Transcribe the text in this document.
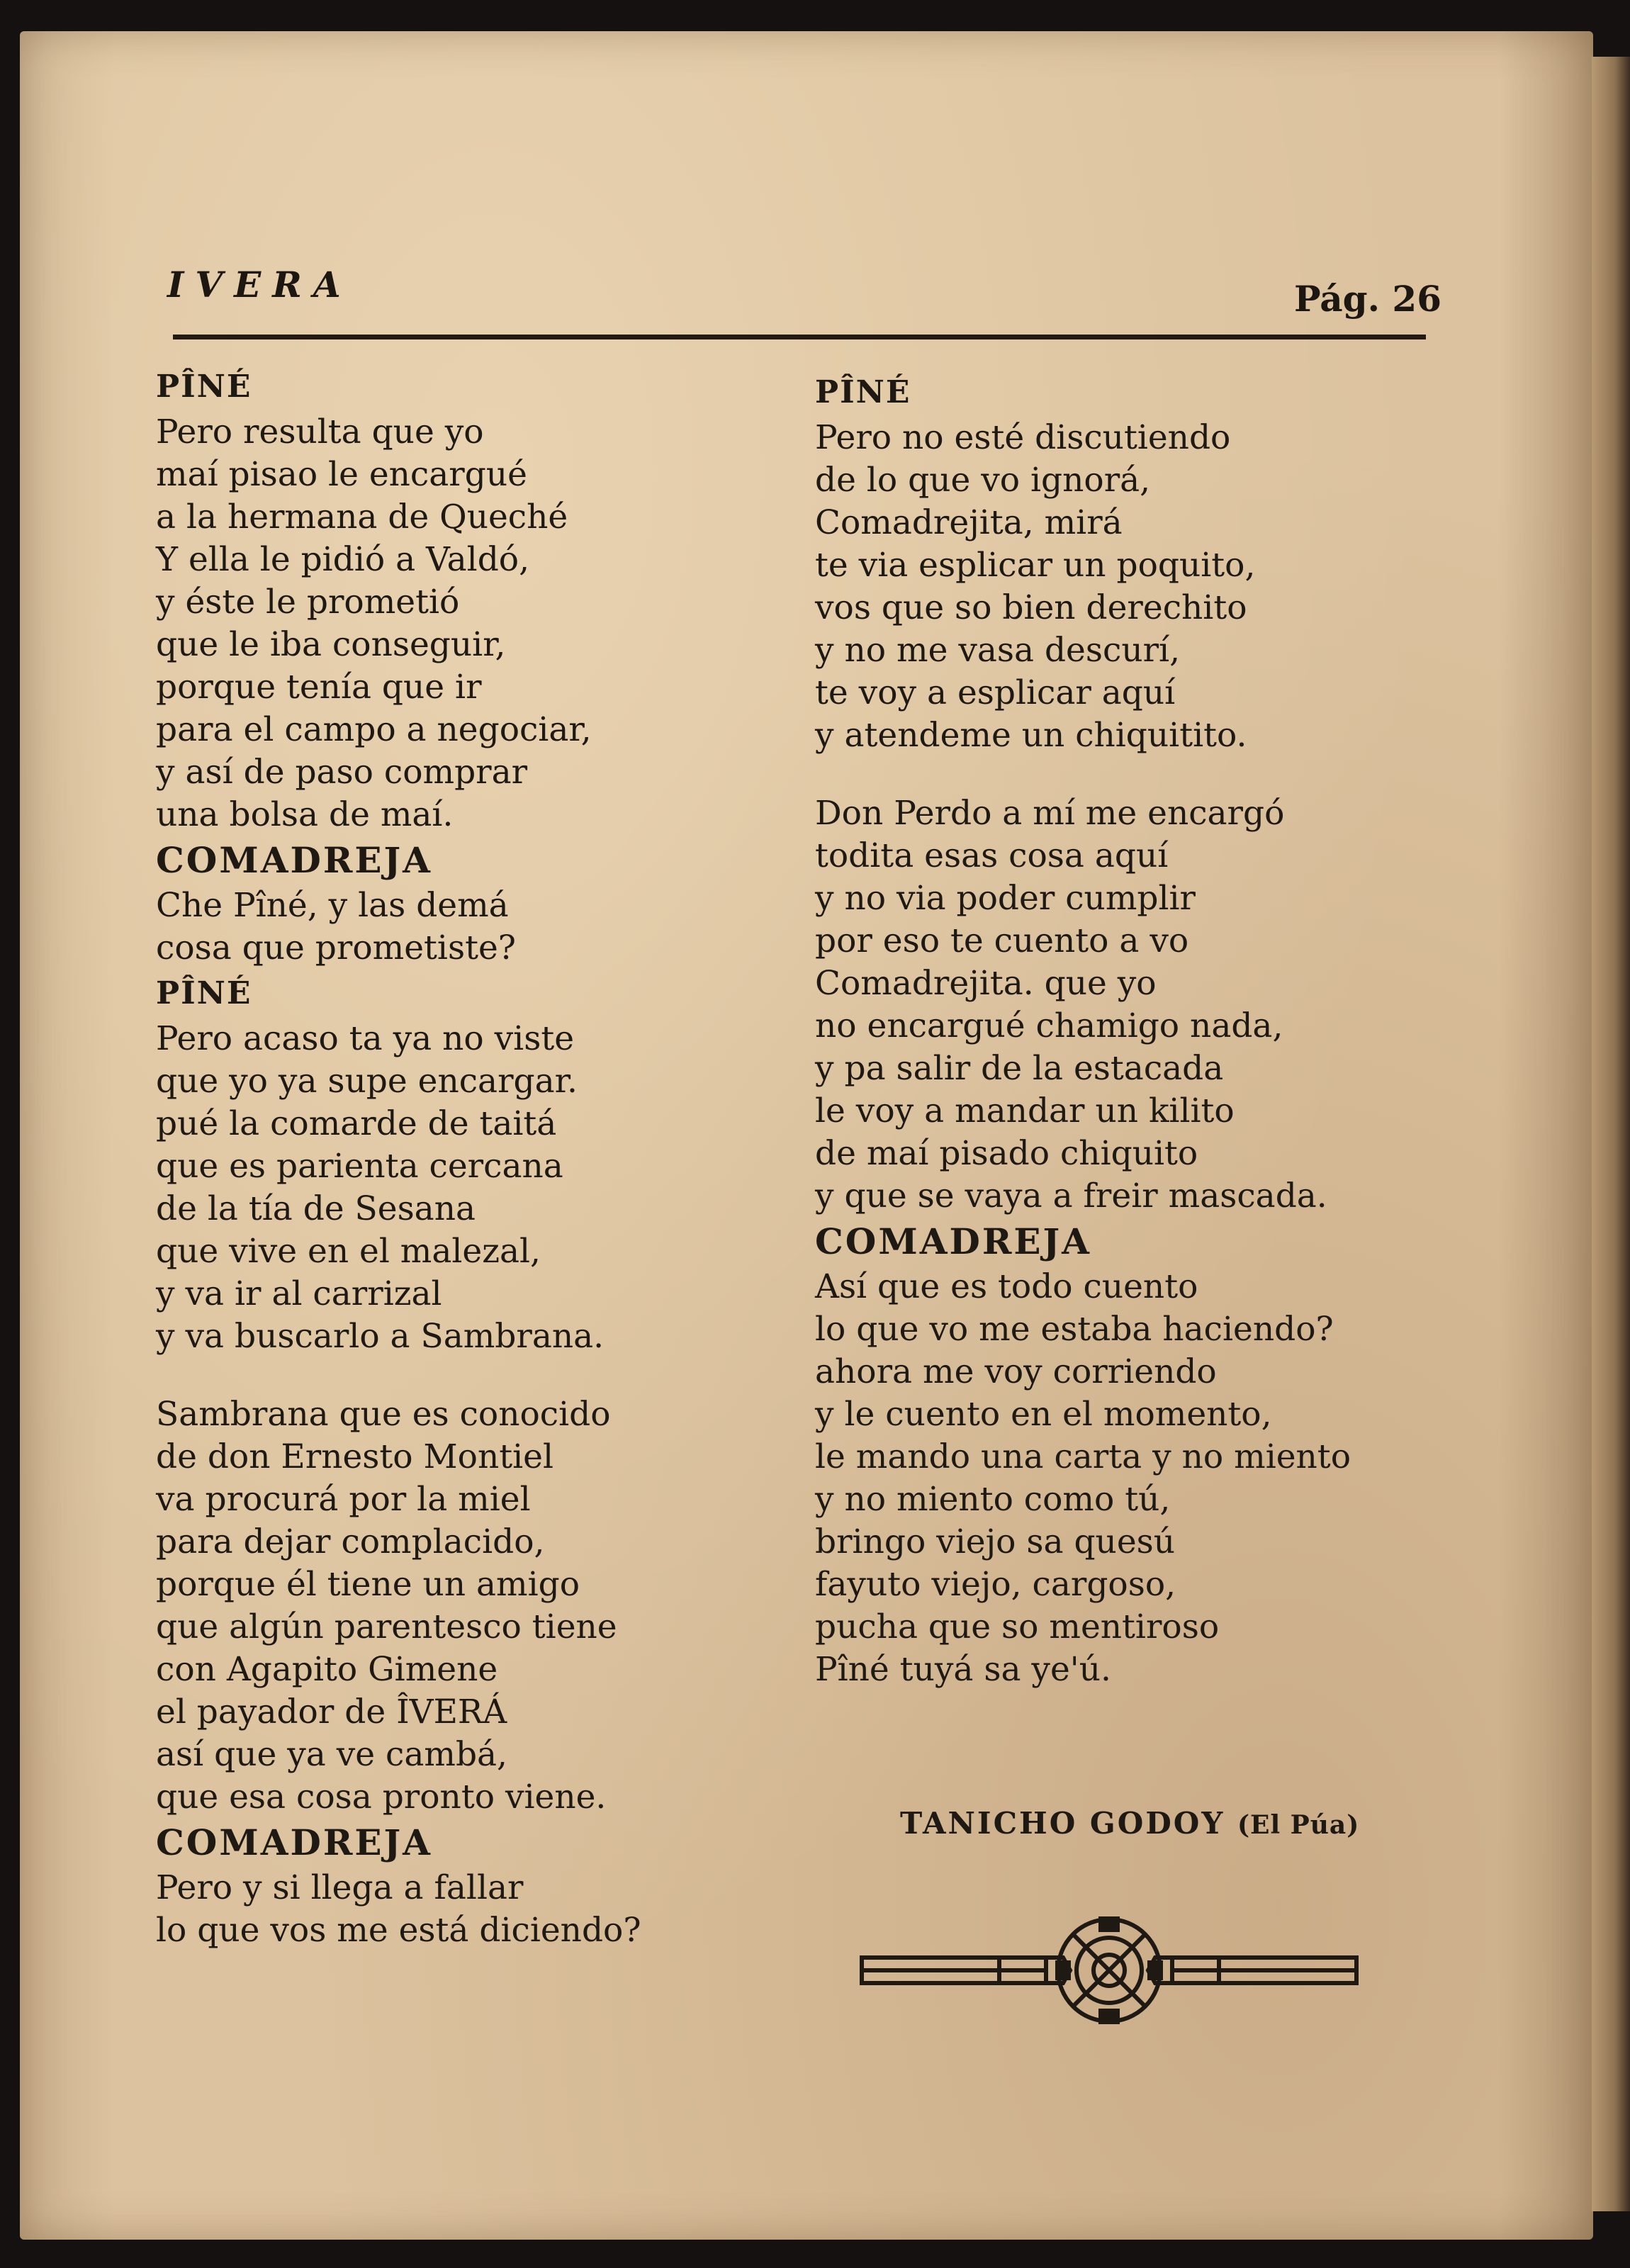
IVERA	Pág. 26
PÎNÉ
Pero resulta que yo
maí pisao le encargué
a la hermana de Queché
Y ella le pidió a Valdó,
y éste le prometió
que le iba conseguir,
porque tenía que ir
para el campo a negociar,
y así de paso comprar
una bolsa de maí.
COMADREJA
Che Pîné, y las demá
cosa que prometiste?
PÎNÉ
Pero acaso ta ya no viste
que yo ya supe encargar.
pué la comarde de taitá
que es parienta cercana
de la tía de Sesana
que vive en el malezal,
y va ir al carrizal
y va buscarlo a Sambrana.
Sambrana que es conocido
de don Ernesto Montiel
va procurá por la miel
para dejar complacido,
porque él tiene un amigo
que algún parentesco tiene
con Agapito Gimene
el payador de ÎVERÁ
así que ya ve cambá,
que esa cosa pronto viene.
COMADREJA
Pero y si llega a fallar
lo que vos me está diciendo?
PÎNÉ
Pero no esté discutiendo
de lo que vo ignorá,
Comadrejita, mirá
te via esplicar un poquito,
vos que so bien derechito
y no me vasa descurí,
te voy a esplicar aquí
y atendeme un chiquitito.
Don Perdo a mí me encargó
todita esas cosa aquí
y no via poder cumplir
por eso te cuento a vo
Comadrejita. que yo
no encargué chamigo nada,
y pa salir de la estacada
le voy a mandar un kilito
de maí pisado chiquito
y que se vaya a freir mascada.
COMADREJA
Así que es todo cuento
lo que vo me estaba haciendo?
ahora me voy corriendo
y le cuento en el momento,
le mando una carta y no miento
y no miento como tú,
bringo viejo sa quesú
fayuto viejo, cargoso,
pucha que so mentiroso
Pîné tuyá sa ye'ú.
TANICHO GODOY (El Púa)
